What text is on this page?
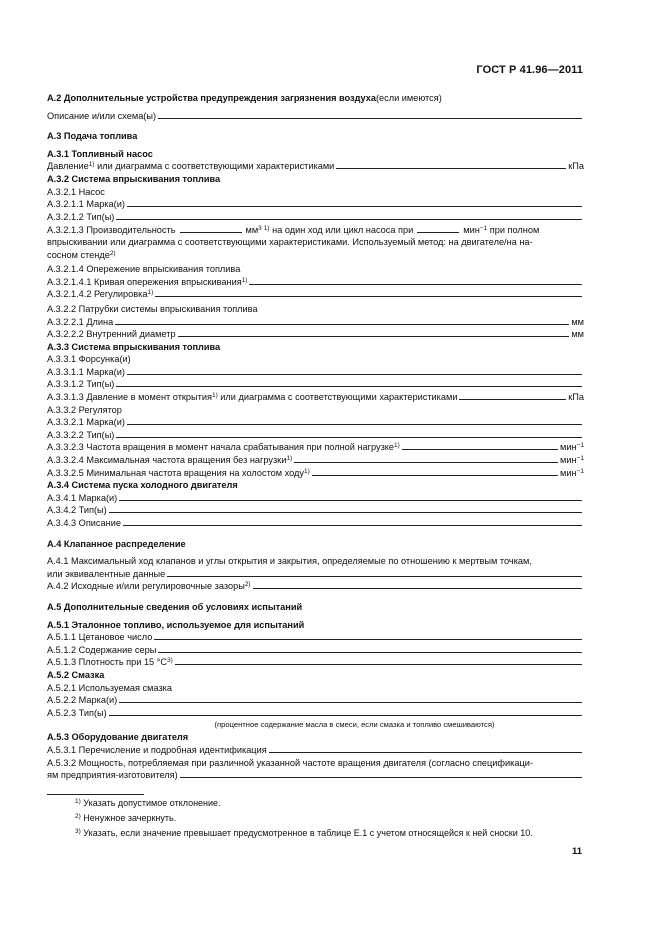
ГОСТ Р 41.96—2011
А.2 Дополнительные устройства предупреждения загрязнения воздуха (если имеются)
Описание и/или схема(ы)
А.3 Подача топлива
А.3.1 Топливный насос
Давление$^{1)}$ или диаграмма с соответствующими характеристиками	кПа
А.3.2 Система впрыскивания топлива
А.3.2.1 Насос
А.3.2.1.1 Марка(и)
А.3.2.1.2 Тип(ы)
А.3.2.1.3 Производительность	$мм^3$ $^{1)}$ на один ход или цикл насоса при	мин$^{-1}$ при полном
впрыскивании или диаграмма с соответствующими характеристиками. Используемый метод: на двигателе/на на-
сосном стенде$^{2)}$
А.3.2.1.4 Опережение впрыскивания топлива
А.3.2.1.4.1 Кривая опережения впрыскивания$^{1)}$
А.3.2.1.4.2 Регулировка$^{1)}$
А.3.2.2 Патрубки системы впрыскивания топлива
А.3.2.2.1 Длина	мм
А.3.2.2.2 Внутренний диаметр	мм
А.3.3 Система впрыскивания топлива
А.3.3.1 Форсунка(и)
А.3.3.1.1 Марка(и)
А.3.3.1.2 Тип(ы)
А.3.3.1.3 Давление в момент открытия$^{1)}$ или диаграмма с соответствующими характеристиками	кПа
А.3.3.2 Регулятор
А.3.3.2.1 Марка(и)
А.3.3.2.2 Тип(ы)
А.3.3.2.3 Частота вращения в момент начала срабатывания при полной нагрузке$^{1)}$	мин$^{-1}$
А.3.3.2.4 Максимальная частота вращения без нагрузки$^{1)}$	мин$^{-1}$
А.3.3.2.5 Минимальная частота вращения на холостом ходу$^{1)}$	мин$^{-1}$
А.3.4 Система пуска холодного двигателя
А.3.4.1 Марка(и)
А.3.4.2 Тип(ы)
А.3.4.3 Описание
А.4 Клапанное распределение
А.4.1 Максимальный ход клапанов и углы открытия и закрытия, определяемые по отношению к мертвым точкам,
или эквивалентные данные
А.4.2 Исходные и/или регулировочные зазоры$^{2)}$
А.5 Дополнительные сведения об условиях испытаний
А.5.1 Эталонное топливо, используемое для испытаний
А.5.1.1 Цетановое число
А.5.1.2 Содержание серы
А.5.1.3 Плотность при 15 $^\circ С^{3)}$
А.5.2 Смазка
А.5.2.1 Используемая смазка
А.5.2.2 Марка(и)
А.5.2.3 Тип(ы)
(процентное содержание масла в смеси, если смазка и топливо смешиваются)
А.5.3 Оборудование двигателя
А.5.3.1 Перечисление и подробная идентификация
А.5.3.2 Мощность, потребляемая при различной указанной частоте вращения двигателя (согласно спецификаци-
ям предприятия-изготовителя)
$^{1)}$ Указать допустимое отклонение.
$^{2)}$ Ненужное зачеркнуть.
$^{3)}$ Указать, если значение превышает предусмотренное в таблице Е.1 с учетом относящейся к ней сноски 10.
11
